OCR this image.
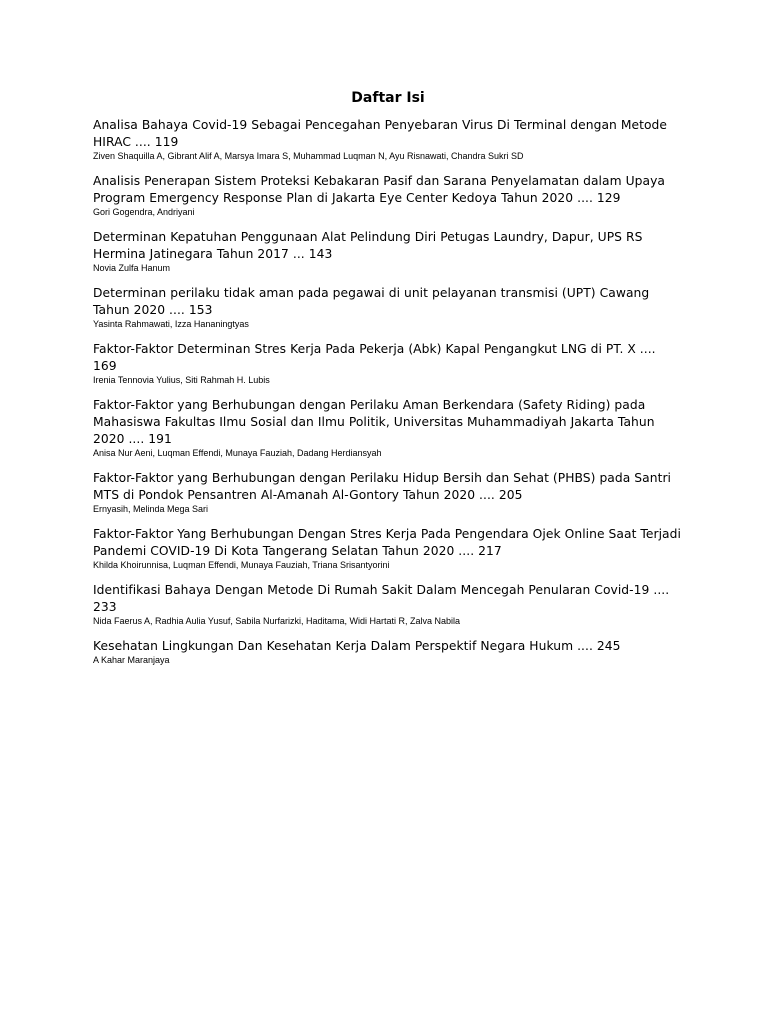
Daftar Isi

Analisa Bahaya Covid-19 Sebagai Pencegahan Penyebaran Virus Di Terminal dengan Metode HIRAC .... 119

Ziven Shaquilla A, Gibrant Alif A, Marsya Imara S, Muhammad Luqman N, Ayu Risnawati, Chandra Sukri SD

Analisis Penerapan Sistem Proteksi Kebakaran Pasif dan Sarana Penyelamatan dalam Upaya Program Emergency Response Plan di Jakarta Eye Center Kedoya Tahun 2020 .... 129

Gori Gogendra, Andriyani

Determinan Kepatuhan Penggunaan Alat Pelindung Diri Petugas Laundry, Dapur, UPS RS Hermina Jatinegara Tahun 2017 ... 143

Novia Zulfa Hanum

Determinan perilaku tidak aman pada pegawai di unit pelayanan transmisi (UPT) Cawang Tahun 2020 .... 153

Yasinta Rahmawati, Izza Hananingtyas

Faktor-Faktor Determinan Stres Kerja Pada Pekerja (Abk) Kapal Pengangkut LNG di PT. X .... 169

Irenia Tennovia Yulius, Siti Rahmah H. Lubis

Faktor-Faktor yang Berhubungan dengan Perilaku Aman Berkendara (Safety Riding) pada Mahasiswa Fakultas Ilmu Sosial dan Ilmu Politik, Universitas Muhammadiyah Jakarta Tahun 2020 .... 191

Anisa Nur Aeni, Luqman Effendi, Munaya Fauziah, Dadang Herdiansyah

Faktor-Faktor yang Berhubungan dengan Perilaku Hidup Bersih dan Sehat (PHBS) pada Santri MTS di Pondok Pensantren Al-Amanah Al-Gontory Tahun 2020 .... 205

Ernyasih, Melinda Mega Sari

Faktor-Faktor Yang Berhubungan Dengan Stres Kerja Pada Pengendara Ojek Online Saat Terjadi Pandemi COVID-19 Di Kota Tangerang Selatan Tahun 2020 .... 217

Khilda Khoirunnisa, Luqman Effendi, Munaya Fauziah, Triana Srisantyorini

Identifikasi Bahaya Dengan Metode Di Rumah Sakit Dalam Mencegah Penularan Covid-19 .... 233

Nida Faerus A, Radhia Aulia Yusuf, Sabila Nurfarizki, Haditama, Widi Hartati R, Zalva Nabila

Kesehatan Lingkungan Dan Kesehatan Kerja Dalam Perspektif Negara Hukum .... 245

A Kahar Maranjaya
